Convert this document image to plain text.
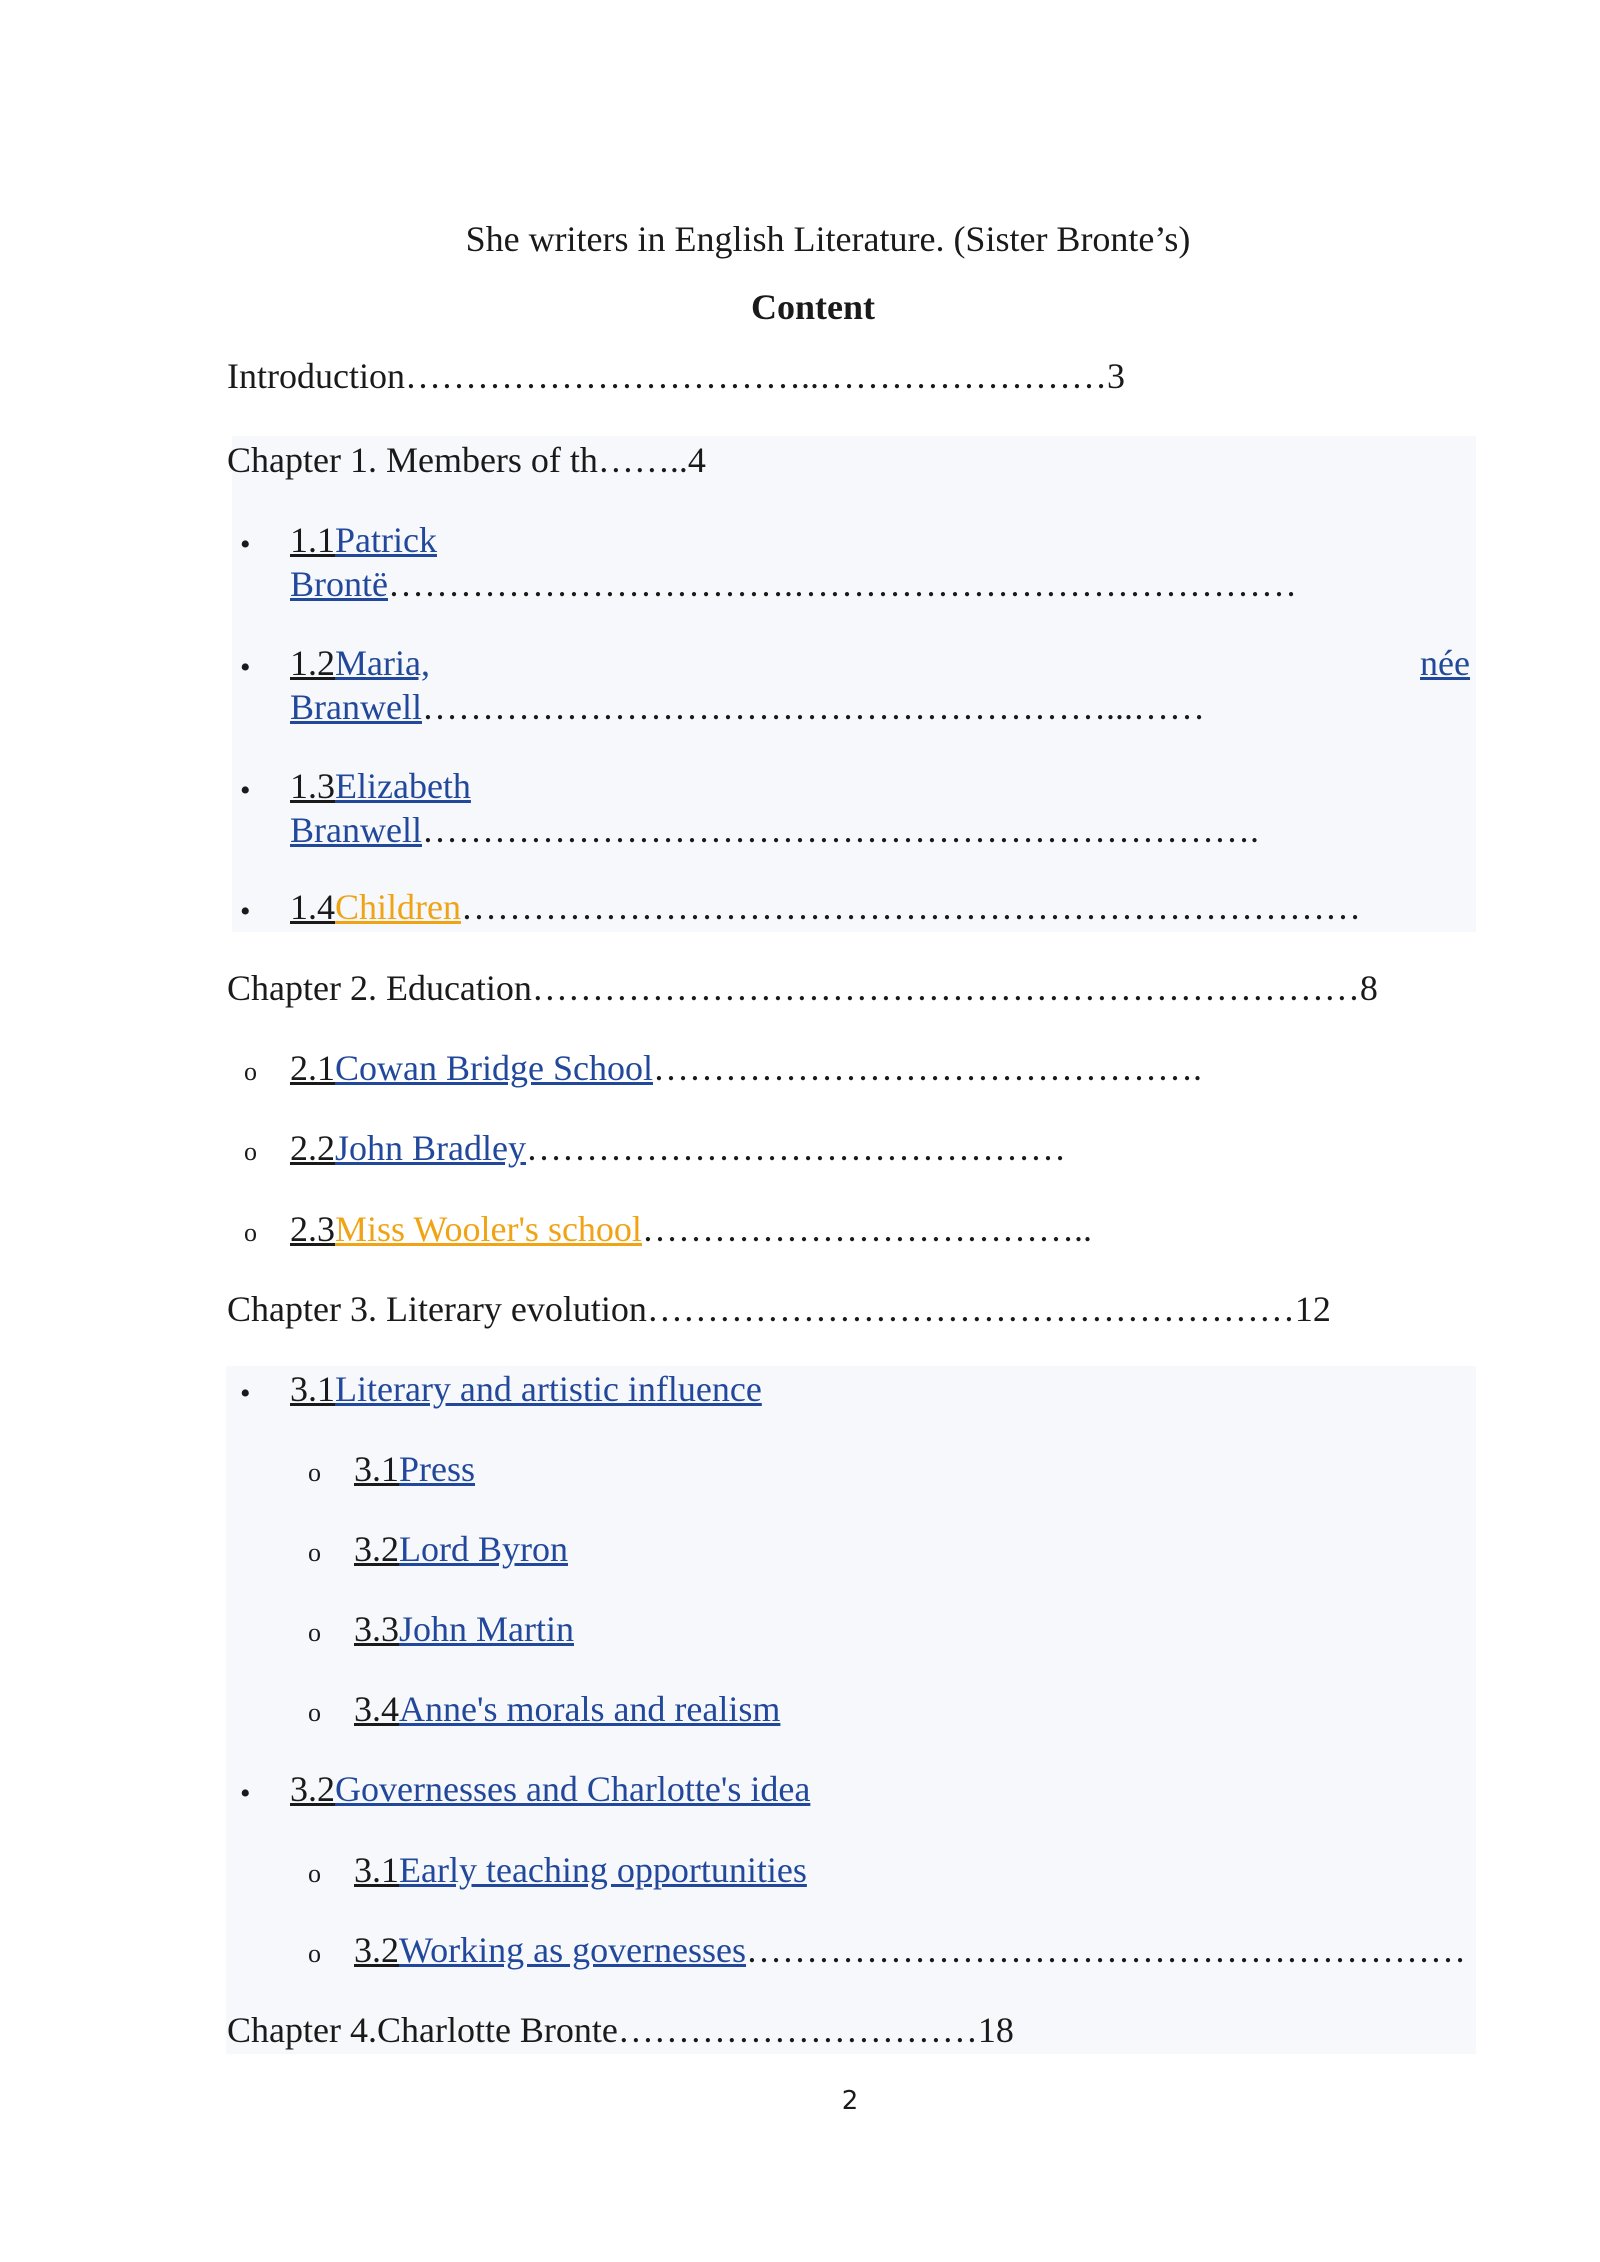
She writers in English Literature. (Sister Bronte’s)
Content
Introduction……………………………..……………………3
Chapter 1. Members of th……..4
• 1.1Patrick
Brontë…………………………….……………………………………
• 1.2Maria,	née
Branwell…………………………………………………...……
• 1.3Elizabeth
Branwell…………………………………………………………….
• 1.4Children…………………………………………………………………
Chapter 2. Education……………………………………………………………8
o 2.1Cowan Bridge School……………………………………….
o 2.2John Bradley………………………………………
o 2.3Miss Wooler's school………………………………..
Chapter 3. Literary evolution………………………………………………12
• 3.1Literary and artistic influence
o 3.1Press
o 3.2Lord Byron
o 3.3John Martin
o 3.4Anne's morals and realism
• 3.2Governesses and Charlotte's idea
o 3.1Early teaching opportunities
o 3.2Working as governesses……………………………………………………
Chapter 4.Charlotte Bronte…………………………18
2
